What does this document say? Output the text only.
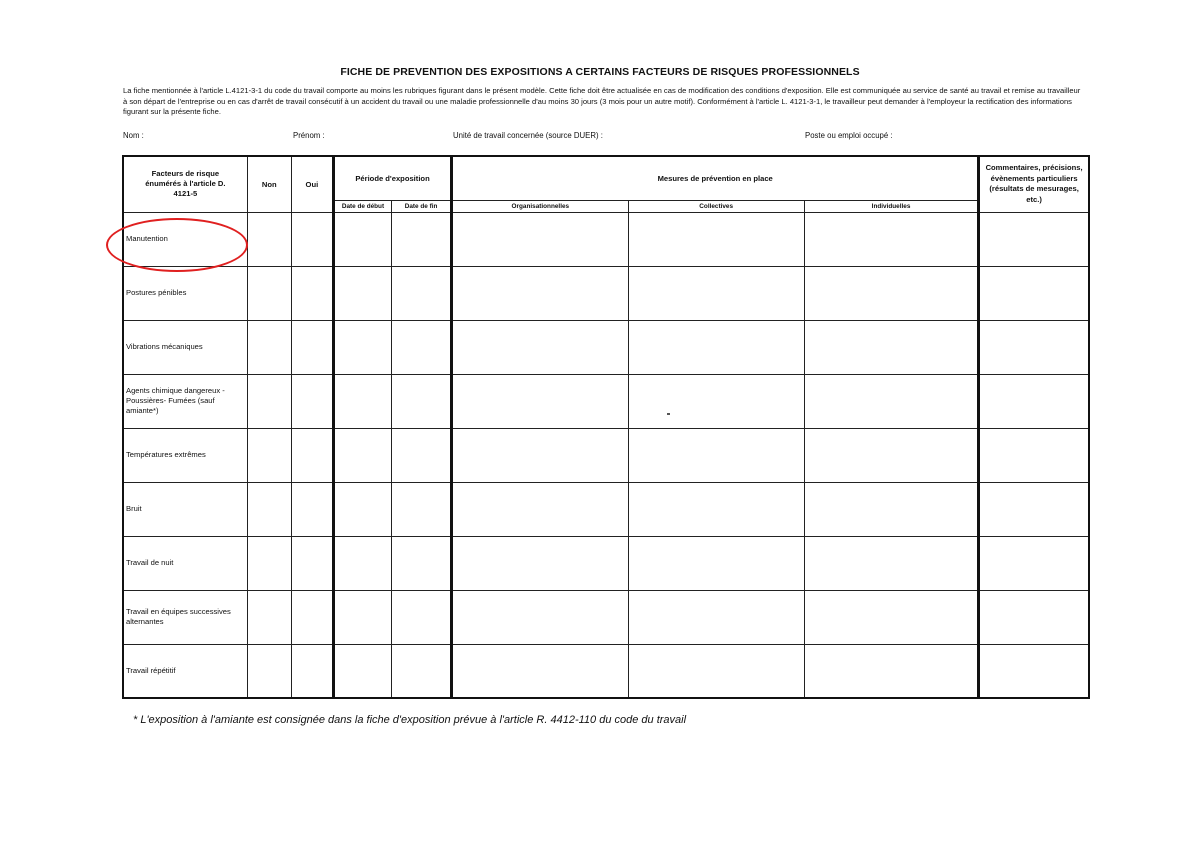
FICHE DE PREVENTION DES EXPOSITIONS A CERTAINS FACTEURS DE RISQUES PROFESSIONNELS
La fiche mentionnée à l'article L.4121-3-1 du code du travail comporte au moins les rubriques figurant dans le présent modèle. Cette fiche doit être actualisée en cas de modification des conditions d'exposition. Elle est communiquée au service de santé au travail et remise au travailleur à son départ de l'entreprise ou en cas d'arrêt de travail consécutif à un accident du travail ou une maladie professionnelle d'au moins 30 jours (3 mois pour un autre motif). Conformément à l'article L. 4121-3-1, le travailleur peut demander à l'employeur la rectification des informations figurant sur la présente fiche.
Nom :	Prénom :	Unité de travail concernée (source DUER) :	Poste ou emploi occupé :
Facteurs de risque énumérés à l'article D. 4121-5	Non	Oui	Période d'exposition		Mesures de prévention en place			Commentaires, précisions, évènements particuliers (résultats de mesurages, etc.)
			Date de début	Date de fin	Organisationnelles	Collectives	Individuelles	
Manutention								
Postures pénibles								
Vibrations mécaniques								
Agents chimique dangereux - Poussières- Fumées (sauf amiante*)								
Températures extrêmes								
Bruit								
Travail de nuit								
Travail en équipes successives alternantes								
Travail répétitif								
* L'exposition à l'amiante est consignée dans la fiche d'exposition prévue à l'article R. 4412-110 du code du travail
